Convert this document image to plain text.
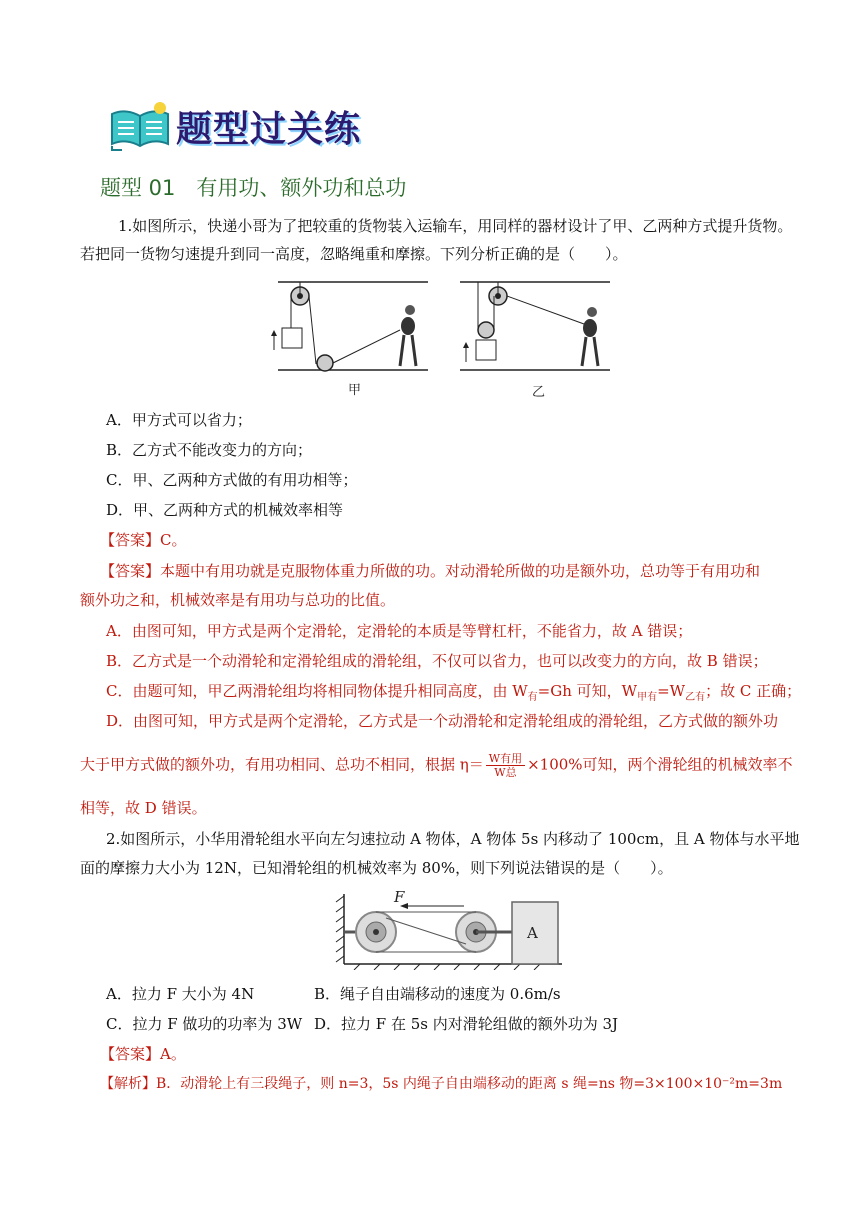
题型过关练
题型 01　有用功、额外功和总功
1.如图所示，快递小哥为了把较重的货物装入运输车，用同样的器材设计了甲、乙两种方式提升货物。
若把同一货物匀速提升到同一高度，忽略绳重和摩擦。下列分析正确的是（　　）。
甲	乙
A．甲方式可以省力；
B．乙方式不能改变力的方向；
C．甲、乙两种方式做的有用功相等；
D．甲、乙两种方式的机械效率相等
【答案】C。
【答案】本题中有用功就是克服物体重力所做的功。对动滑轮所做的功是额外功，总功等于有用功和
额外功之和，机械效率是有用功与总功的比值。
A．由图可知，甲方式是两个定滑轮，定滑轮的本质是等臂杠杆，不能省力，故 A 错误；
B．乙方式是一个动滑轮和定滑轮组成的滑轮组，不仅可以省力，也可以改变力的方向，故 B 错误；
C．由题可知，甲乙两滑轮组均将相同物体提升相同高度，由 $W_有=Gh$ 可知，$W_{甲有}=W_{乙有}$；故 C 正确；
D．由图可知，甲方式是两个定滑轮，乙方式是一个动滑轮和定滑轮组成的滑轮组，乙方式做的额外功
大于甲方式做的额外功，有用功相同、总功不相同，根据 $\eta= \frac{\text{W有用}}{\text{W总}} \times 100\%$可知，两个滑轮组的机械效率不
相等，故 D 错误。
2.如图所示，小华用滑轮组水平向左匀速拉动 A 物体，A 物体 5s 内移动了 100cm，且 A 物体与水平地
面的摩擦力大小为 12N，已知滑轮组的机械效率为 80%，则下列说法错误的是（　　）。
F
A
A．拉力 F 大小为 4N	B．绳子自由端移动的速度为 0.6m/s
C．拉力 F 做功的功率为 3W D．拉力 F 在 5s 内对滑轮组做的额外功为 3J
【答案】A。
【解析】B．动滑轮上有三段绳子，则 n=3，5s 内绳子自由端移动的距离 s 绳=ns 物=3×100×10⁻²m=3m
